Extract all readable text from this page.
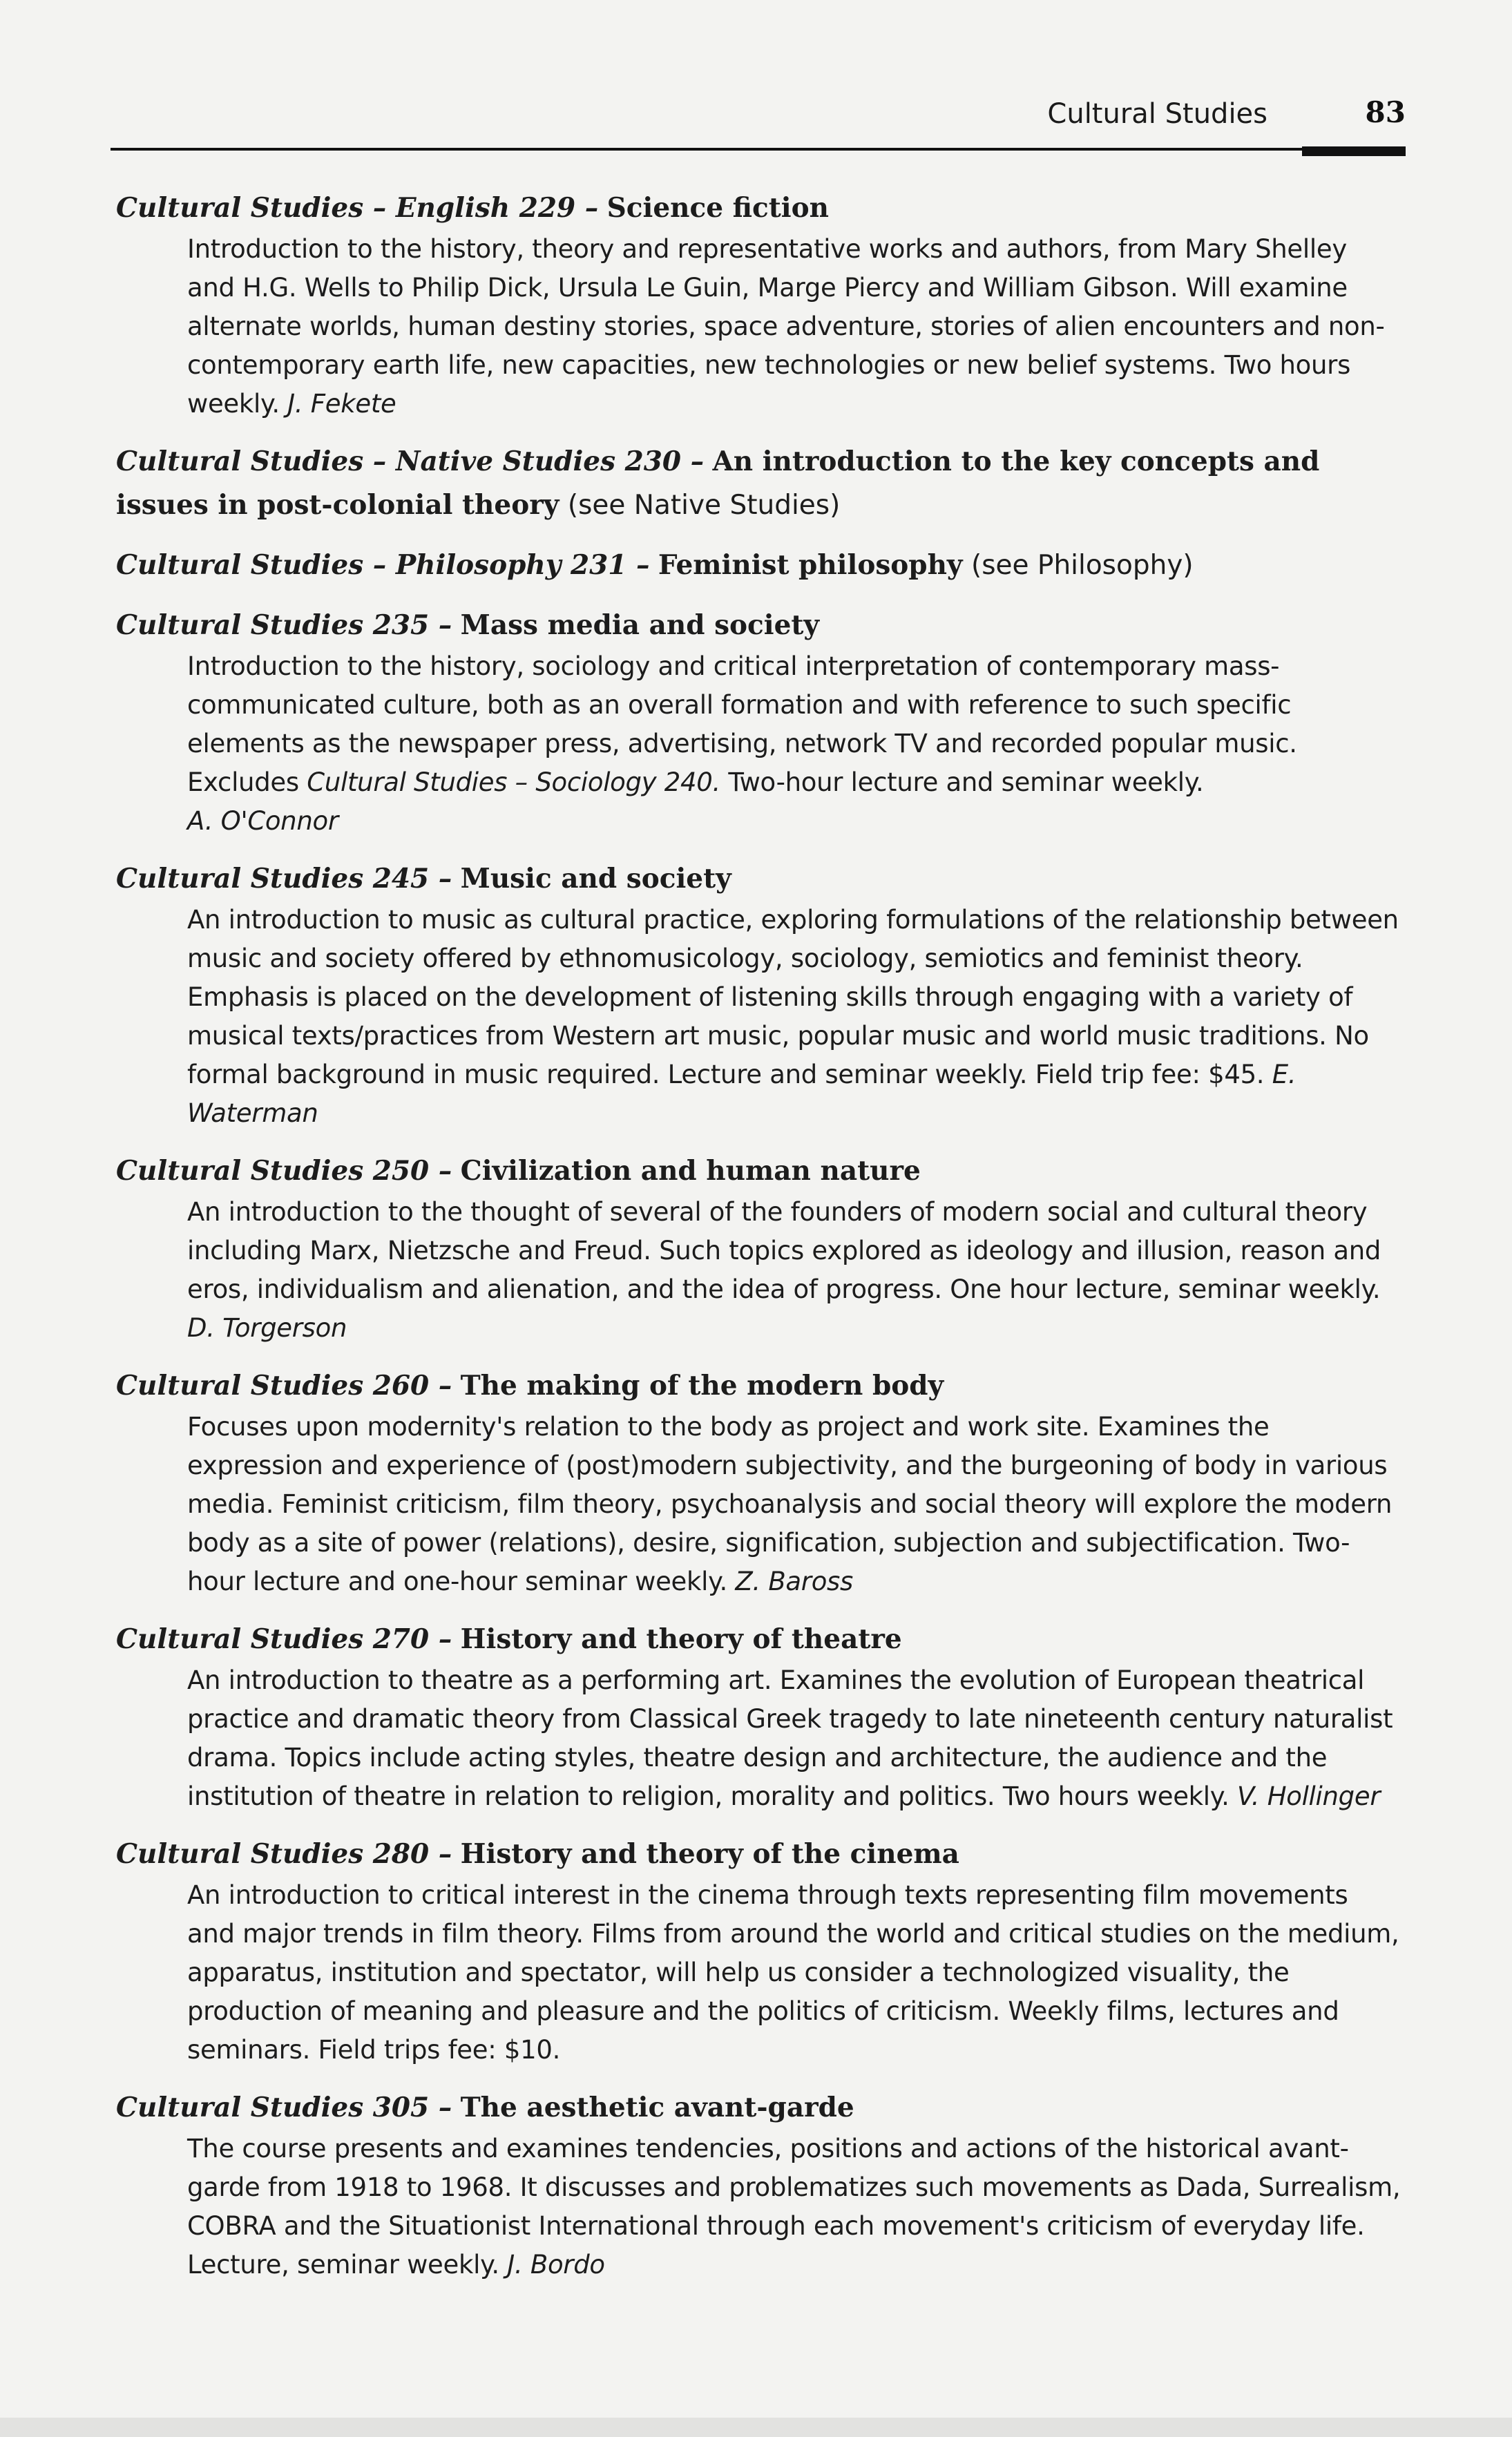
Cultural Studies	83
Cultural Studies – English 229 – Science fiction
Introduction to the history, theory and representative works and authors, from Mary Shelley and H.G. Wells to Philip Dick, Ursula Le Guin, Marge Piercy and William Gibson. Will examine alternate worlds, human destiny stories, space adventure, stories of alien encounters and non-contemporary earth life, new capacities, new technologies or new belief systems. Two hours weekly. J. Fekete
Cultural Studies – Native Studies 230 – An introduction to the key concepts and issues in post-colonial theory (see Native Studies)
Cultural Studies – Philosophy 231 – Feminist philosophy (see Philosophy)
Cultural Studies 235 – Mass media and society
Introduction to the history, sociology and critical interpretation of contemporary mass-communicated culture, both as an overall formation and with reference to such specific elements as the newspaper press, advertising, network TV and recorded popular music. Excludes Cultural Studies – Sociology 240. Two-hour lecture and seminar weekly.
A. O'Connor
Cultural Studies 245 – Music and society
An introduction to music as cultural practice, exploring formulations of the relationship between music and society offered by ethnomusicology, sociology, semiotics and feminist theory. Emphasis is placed on the development of listening skills through engaging with a variety of musical texts/practices from Western art music, popular music and world music traditions. No formal background in music required. Lecture and seminar weekly. Field trip fee: $45. E. Waterman
Cultural Studies 250 – Civilization and human nature
An introduction to the thought of several of the founders of modern social and cultural theory including Marx, Nietzsche and Freud. Such topics explored as ideology and illusion, reason and eros, individualism and alienation, and the idea of progress. One hour lecture, seminar weekly. D. Torgerson
Cultural Studies 260 – The making of the modern body
Focuses upon modernity's relation to the body as project and work site. Examines the expression and experience of (post)modern subjectivity, and the burgeoning of body in various media. Feminist criticism, film theory, psychoanalysis and social theory will explore the modern body as a site of power (relations), desire, signification, subjection and subjectification. Two-hour lecture and one-hour seminar weekly. Z. Baross
Cultural Studies 270 – History and theory of theatre
An introduction to theatre as a performing art. Examines the evolution of European theatrical practice and dramatic theory from Classical Greek tragedy to late nineteenth century naturalist drama. Topics include acting styles, theatre design and architecture, the audience and the institution of theatre in relation to religion, morality and politics. Two hours weekly. V. Hollinger
Cultural Studies 280 – History and theory of the cinema
An introduction to critical interest in the cinema through texts representing film movements and major trends in film theory. Films from around the world and critical studies on the medium, apparatus, institution and spectator, will help us consider a technologized visuality, the production of meaning and pleasure and the politics of criticism. Weekly films, lectures and seminars. Field trips fee: $10.
Cultural Studies 305 – The aesthetic avant-garde
The course presents and examines tendencies, positions and actions of the historical avant-garde from 1918 to 1968. It discusses and problematizes such movements as Dada, Surrealism, COBRA and the Situationist International through each movement's criticism of everyday life. Lecture, seminar weekly. J. Bordo
